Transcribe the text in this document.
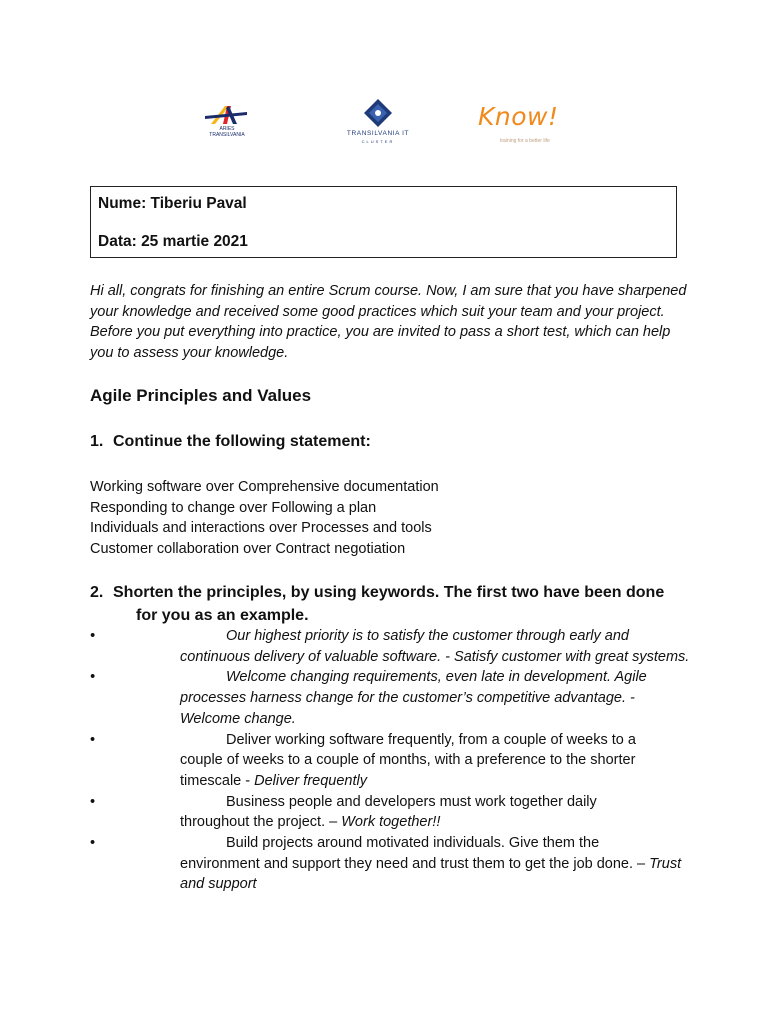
ARIES TRANSILVANIA	TRANSILVANIA IT
CLUSTER
Know!
training for a better life
Nume: Tiberiu Paval
Data: 25 martie 2021
Hi all, congrats for finishing an entire Scrum course. Now, I am sure that you have sharpened your knowledge and received some good practices which suit your team and your project. Before you put everything into practice, you are invited to pass a short test, which can help you to assess your knowledge.
Agile Principles and Values
1. Continue the following statement:
Working software over Comprehensive documentation
Responding to change over Following a plan
Individuals and interactions over Processes and tools
Customer collaboration over Contract negotiation
2. Shorten the principles, by using keywords. The first two have been done
for you as an example.
•	Our highest priority is to satisfy the customer through early and
continuous delivery of valuable software. - Satisfy customer with great systems.
•	Welcome changing requirements, even late in development. Agile
processes harness change for the customer’s competitive advantage. - Welcome change.
•	Deliver working software frequently, from a couple of weeks to a
couple of weeks to a couple of months, with a preference to the shorter timescale - Deliver frequently
•	Business people and developers must work together daily
throughout the project. – Work together!!
•	Build projects around motivated individuals. Give them the
environment and support they need and trust them to get the job done. – Trust and support
